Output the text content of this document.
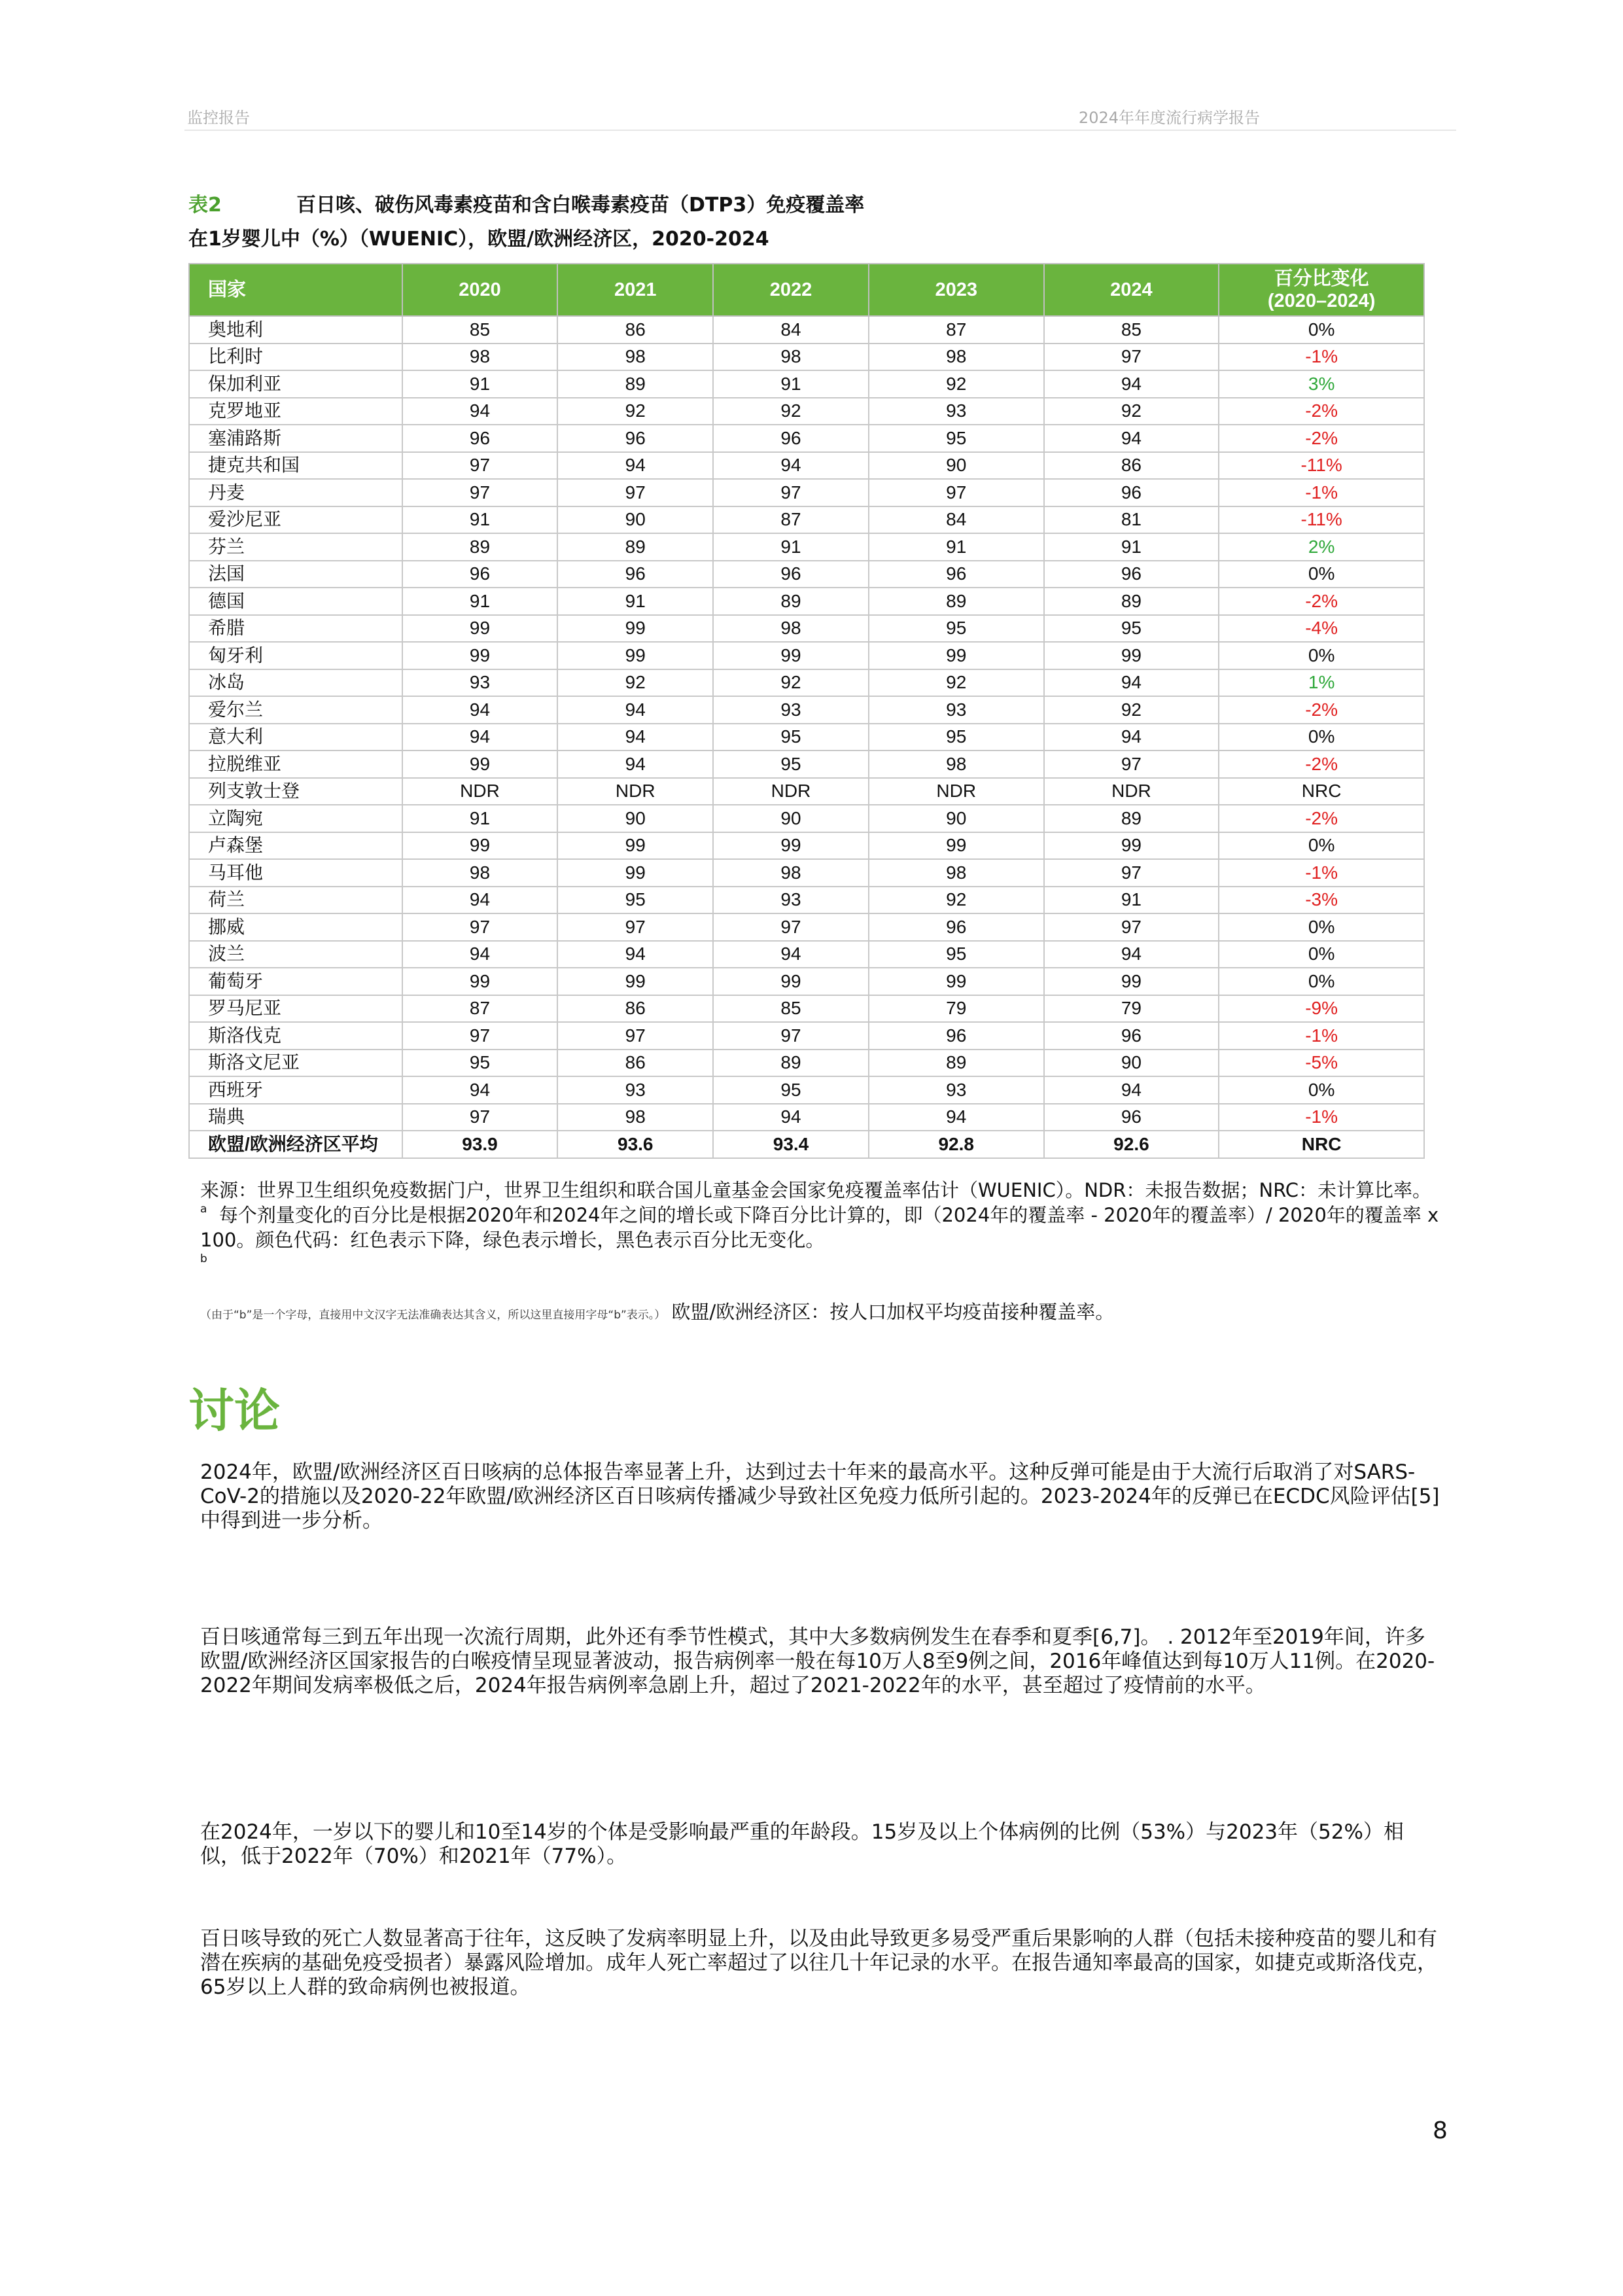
监控报告	2024年年度流行病学报告
表2	百日咳、破伤风毒素疫苗和含白喉毒素疫苗（DTP3）免疫覆盖率
在1岁婴儿中（%）（WUENIC），欧盟/欧洲经济区，2020-2024
国家	2020	2021	2022	2023	2024	百分比变化
(2020–2024)
奥地利	85	86	84	87	85	0%
比利时	98	98	98	98	97	-1%
保加利亚	91	89	91	92	94	3%
克罗地亚	94	92	92	93	92	-2%
塞浦路斯	96	96	96	95	94	-2%
捷克共和国	97	94	94	90	86	-11%
丹麦	97	97	97	97	96	-1%
爱沙尼亚	91	90	87	84	81	-11%
芬兰	89	89	91	91	91	2%
法国	96	96	96	96	96	0%
德国	91	91	89	89	89	-2%
希腊	99	99	98	95	95	-4%
匈牙利	99	99	99	99	99	0%
冰岛	93	92	92	92	94	1%
爱尔兰	94	94	93	93	92	-2%
意大利	94	94	95	95	94	0%
拉脱维亚	99	94	95	98	97	-2%
列支敦士登	NDR	NDR	NDR	NDR	NDR	NRC
立陶宛	91	90	90	90	89	-2%
卢森堡	99	99	99	99	99	0%
马耳他	98	99	98	98	97	-1%
荷兰	94	95	93	92	91	-3%
挪威	97	97	97	96	97	0%
波兰	94	94	94	95	94	0%
葡萄牙	99	99	99	99	99	0%
罗马尼亚	87	86	85	79	79	-9%
斯洛伐克	97	97	97	96	96	-1%
斯洛文尼亚	95	86	89	89	90	-5%
西班牙	94	93	95	93	94	0%
瑞典	97	98	94	94	96	-1%
欧盟/欧洲经济区平均	93.9	93.6	93.4	92.8	92.6	NRC

来源：世界卫生组织免疫数据门户，世界卫生组织和联合国儿童基金会国家免疫覆盖率估计（WUENIC）。NDR：未报告数据；NRC：未计算比率。

$^a$ 每个剂量变化的百分比是根据2020年和2024年之间的增长或下降百分比计算的，即（2024年的覆盖率 - 2020年的覆盖率）/ 2020年的覆盖率 x 100。颜色代码：红色表示下降，绿色表示增长，黑色表示百分比无变化。

$^b$

（由于“b”是一个字母，直接用中文汉字无法准确表达其含义，所以这里直接用字母“b”表示。） 欧盟/欧洲经济区：按人口加权平均疫苗接种覆盖率。

讨论

2024年，欧盟/欧洲经济区百日咳病的总体报告率显著上升，达到过去十年来的最高水平。这种反弹可能是由于大流行后取消了对SARS-CoV-2的措施以及2020-22年欧盟/欧洲经济区百日咳病传播减少导致社区免疫力低所引起的。2023-2024年的反弹已在ECDC风险评估[5]中得到进一步分析。

百日咳通常每三到五年出现一次流行周期，此外还有季节性模式，其中大多数病例发生在春季和夏季[6,7]。 . 2012年至2019年间，许多欧盟/欧洲经济区国家报告的白喉疫情呈现显著波动，报告病例率一般在每10万人8至9例之间，2016年峰值达到每10万人11例。在2020-2022年期间发病率极低之后，2024年报告病例率急剧上升，超过了2021-2022年的水平，甚至超过了疫情前的水平。

在2024年，一岁以下的婴儿和10至14岁的个体是受影响最严重的年龄段。15岁及以上个体病例的比例（53%）与2023年（52%）相似，低于2022年（70%）和2021年（77%）。

百日咳导致的死亡人数显著高于往年，这反映了发病率明显上升，以及由此导致更多易受严重后果影响的人群（包括未接种疫苗的婴儿和有潜在疾病的基础免疫受损者）暴露风险增加。成年人死亡率超过了以往几十年记录的水平。在报告通知率最高的国家，如捷克或斯洛伐克，65岁以上人群的致命病例也被报道。

8
